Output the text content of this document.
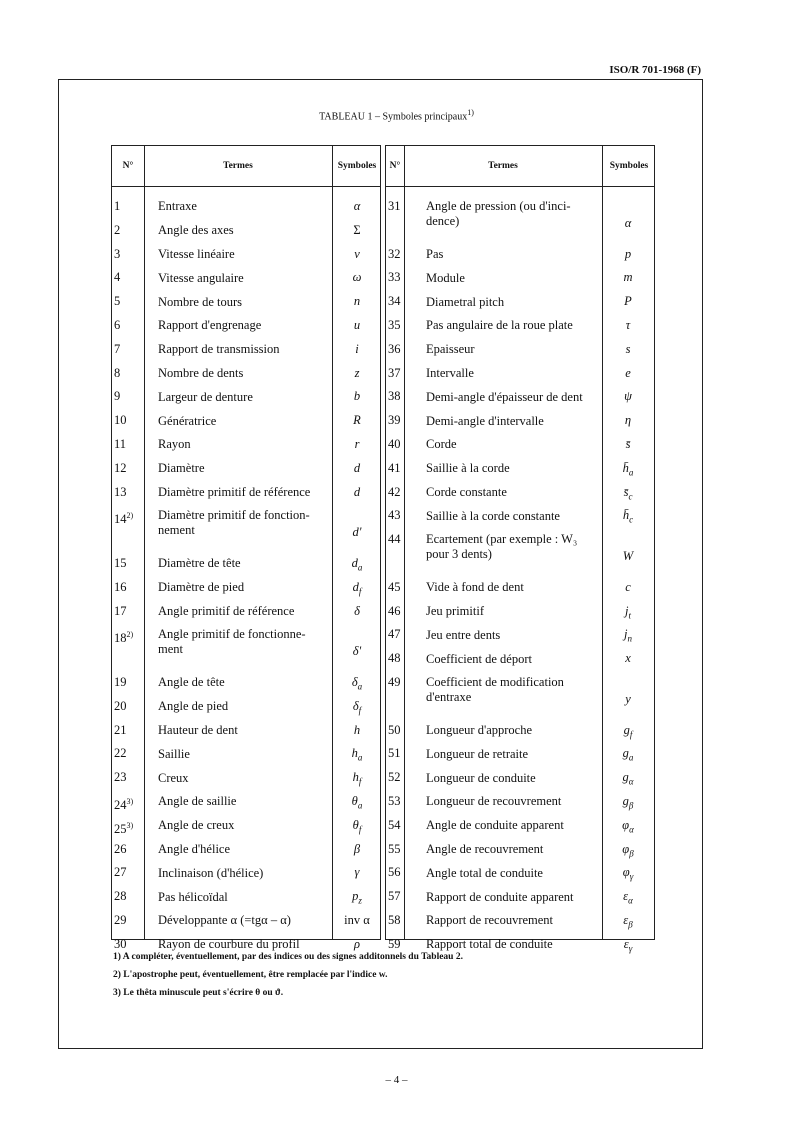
ISO/R 701-1968 (F)
TABLEAU 1 – Symboles principaux$^{1)}$
N°	Termes	Symboles
1	Entraxe	α
2	Angle des axes	Σ
3	Vitesse linéaire	v
4	Vitesse angulaire	ω
5	Nombre de tours	n
6	Rapport d'engrenage	u
7	Rapport de transmission	i
8	Nombre de dents	z
9	Largeur de denture	b
10	Génératrice	R
11	Rayon	r
12	Diamètre	d
13	Diamètre primitif de référence	d
14$^{2)}$ Diamètre primitif de fonction-nement	d'
15	Diamètre de tête	$d_a$
16	Diamètre de pied	$d_f$
17	Angle primitif de référence	δ
18$^{2)}$ Angle primitif de fonctionne-ment	δ'
19	Angle de tête	$\delta_a$
20	Angle de pied	$\delta_f$
21	Hauteur de dent	h
22	Saillie	$h_a$
23	Creux	$h_f$
24$^{3)}$ Angle de saillie	$\theta_a$
25$^{3)}$ Angle de creux	$\theta_f$
26	Angle d'hélice	β
27	Inclinaison (d'hélice)	γ
28	Pas hélicoïdal	$p_z$
29	Développante α (=tgα – α)	inv α
30	Rayon de courbure du profil	ρ
N°	Termes	Symboles
31 Angle de pression (ou d'inci-dence)	α
32 Pas	p
33 Module	m
34 Diametral pitch	P
35 Pas angulaire de la roue plate	τ
36 Epaisseur	s
37 Intervalle	e
38 Demi-angle d'épaisseur de dent	ψ
39 Demi-angle d'intervalle	η
40 Corde	s̄
41 Saillie à la corde	$h̄_a$
42 Corde constante	$s̄_c$
43 Saillie à la corde constante	$h̄_c$
44 Ecartement (par exemple : W₃ pour 3 dents)	W
45 Vide à fond de dent	c
46 Jeu primitif	$j_t$
47 Jeu entre dents	$j_n$
48 Coefficient de déport	x
49 Coefficient de modification d'entraxe	y
50 Longueur d'approche	$g_f$
51 Longueur de retraite	$g_a$
52 Longueur de conduite	$g_\alpha$
53 Longueur de recouvrement	$g_\beta$
54 Angle de conduite apparent	$\varphi_\alpha$
55 Angle de recouvrement	$\varphi_\beta$
56 Angle total de conduite	$\varphi_\gamma$
57 Rapport de conduite apparent	$\varepsilon_\alpha$
58 Rapport de recouvrement	$\varepsilon_\beta$
59 Rapport total de conduite	$\varepsilon_\gamma$
1) A compléter, éventuellement, par des indices ou des signes additonnels du Tableau 2.
2) L'apostrophe peut, éventuellement, être remplacée par l'indice w.
3) Le thêta minuscule peut s'écrire θ ou ϑ.
– 4 –
